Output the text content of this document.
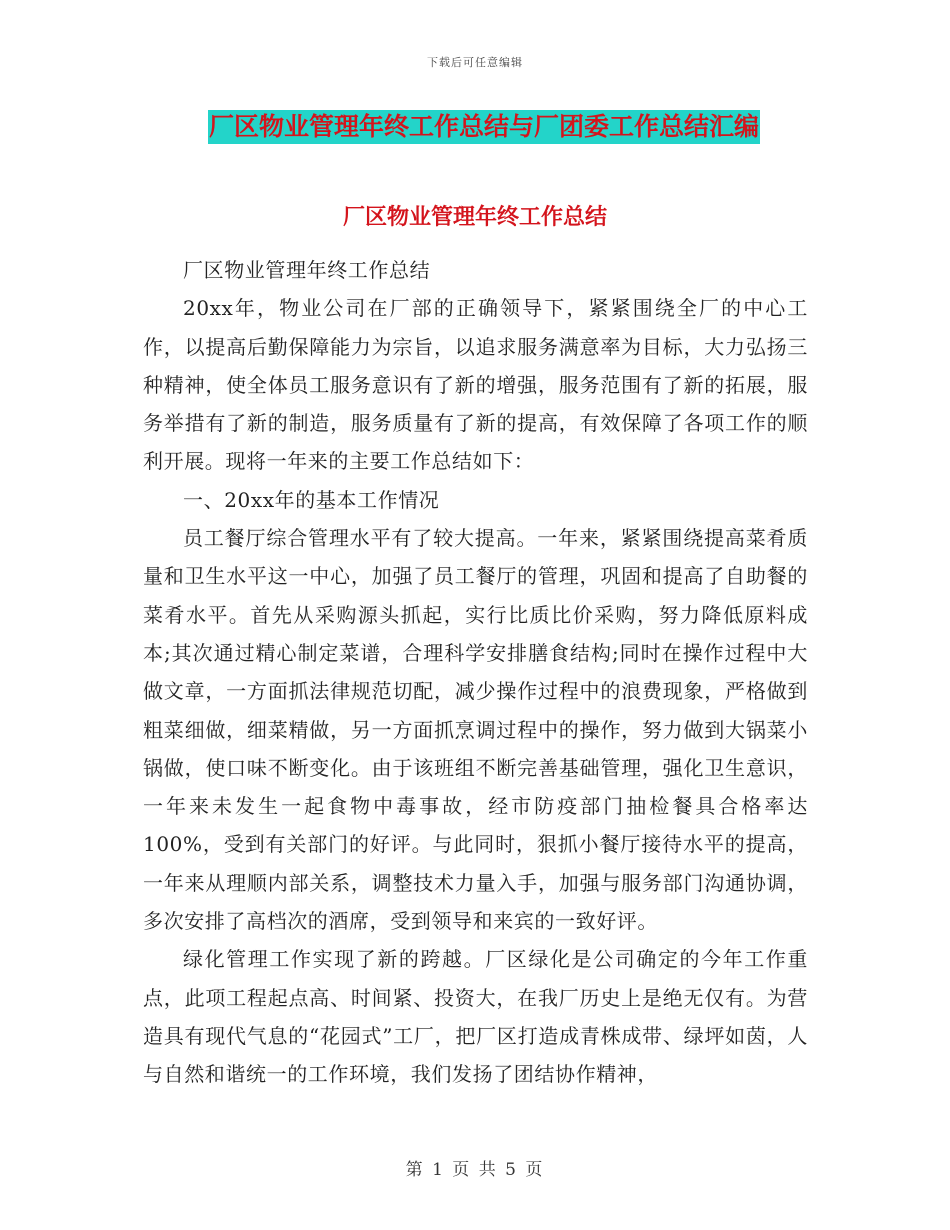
下载后可任意编辑
厂区物业管理年终工作总结与厂团委工作总结汇编
厂区物业管理年终工作总结

厂区物业管理年终工作总结

20xx年，物业公司在厂部的正确领导下，紧紧围绕全厂的中心工作，以提高后勤保障能力为宗旨，以追求服务满意率为目标，大力弘扬三种精神，使全体员工服务意识有了新的增强，服务范围有了新的拓展，服务举措有了新的制造，服务质量有了新的提高，有效保障了各项工作的顺利开展。现将一年来的主要工作总结如下：

一、20xx年的基本工作情况

员工餐厅综合管理水平有了较大提高。一年来，紧紧围绕提高菜肴质量和卫生水平这一中心，加强了员工餐厅的管理，巩固和提高了自助餐的菜肴水平。首先从采购源头抓起，实行比质比价采购，努力降低原料成本;其次通过精心制定菜谱，合理科学安排膳食结构;同时在操作过程中大做文章，一方面抓法律规范切配，减少操作过程中的浪费现象，严格做到粗菜细做，细菜精做，另一方面抓烹调过程中的操作，努力做到大锅菜小锅做，使口味不断变化。由于该班组不断完善基础管理，强化卫生意识，一年来未发生一起食物中毒事故，经市防疫部门抽检餐具合格率达100%，受到有关部门的好评。与此同时，狠抓小餐厅接待水平的提高，一年来从理顺内部关系，调整技术力量入手，加强与服务部门沟通协调，多次安排了高档次的酒席，受到领导和来宾的一致好评。

绿化管理工作实现了新的跨越。厂区绿化是公司确定的今年工作重点，此项工程起点高、时间紧、投资大，在我厂历史上是绝无仅有。为营造具有现代气息的“花园式”工厂，把厂区打造成青株成带、绿坪如茵，人与自然和谐统一的工作环境，我们发扬了团结协作精神，

第 1 页 共 5 页
